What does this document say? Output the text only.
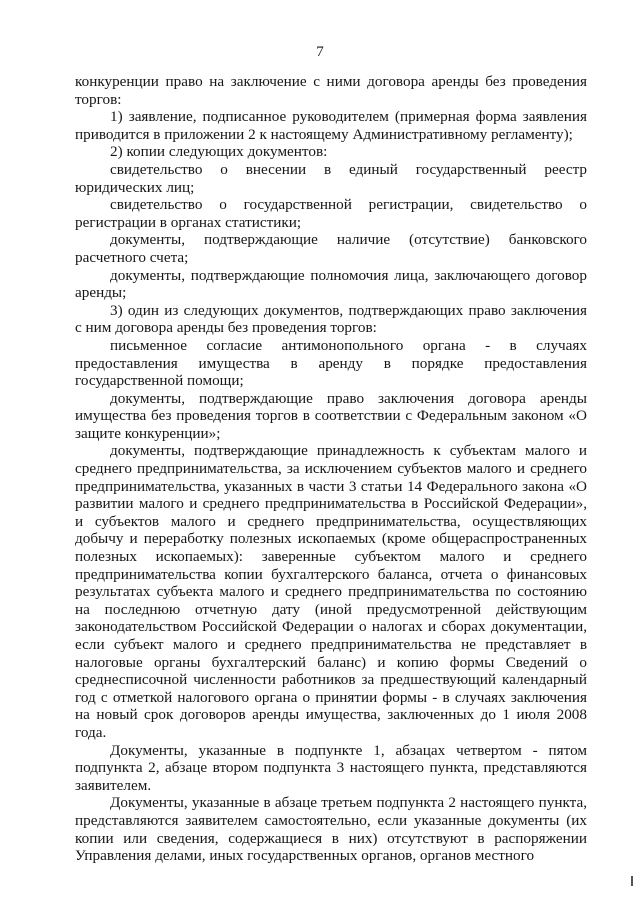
7

конкуренции право на заключение с ними договора аренды без проведения торгов:

1) заявление, подписанное руководителем (примерная форма заявления приводится в приложении 2 к настоящему Административному регламенту);

2) копии следующих документов:

свидетельство о внесении в единый государственный реестр юридических лиц;

свидетельство о государственной регистрации, свидетельство о регистрации в органах статистики;

документы, подтверждающие наличие (отсутствие) банковского расчетного счета;

документы, подтверждающие полномочия лица, заключающего договор аренды;

3) один из следующих документов, подтверждающих право заключения с ним договора аренды без проведения торгов:

письменное согласие антимонопольного органа - в случаях предоставления имущества в аренду в порядке предоставления государственной помощи;

документы, подтверждающие право заключения договора аренды имущества без проведения торгов в соответствии с Федеральным законом «О защите конкуренции»;

документы, подтверждающие принадлежность к субъектам малого и среднего предпринимательства, за исключением субъектов малого и среднего предпринимательства, указанных в части 3 статьи 14 Федерального закона «О развитии малого и среднего предпринимательства в Российской Федерации», и субъектов малого и среднего предпринимательства, осуществляющих добычу и переработку полезных ископаемых (кроме общераспространенных полезных ископаемых): заверенные субъектом малого и среднего предпринимательства копии бухгалтерского баланса, отчета о финансовых результатах субъекта малого и среднего предпринимательства по состоянию на последнюю отчетную дату (иной предусмотренной действующим законодательством Российской Федерации о налогах и сборах документации, если субъект малого и среднего предпринимательства не представляет в налоговые органы бухгалтерский баланс) и копию формы Сведений о среднесписочной численности работников за предшествующий календарный год с отметкой налогового органа о принятии формы - в случаях заключения на новый срок договоров аренды имущества, заключенных до 1 июля 2008 года.

Документы, указанные в подпункте 1, абзацах четвертом - пятом подпункта 2, абзаце втором подпункта 3 настоящего пункта, представляются заявителем.

Документы, указанные в абзаце третьем подпункта 2 настоящего пункта, представляются заявителем самостоятельно, если указанные документы (их копии или сведения, содержащиеся в них) отсутствуют в распоряжении Управления делами, иных государственных органов, органов местного
